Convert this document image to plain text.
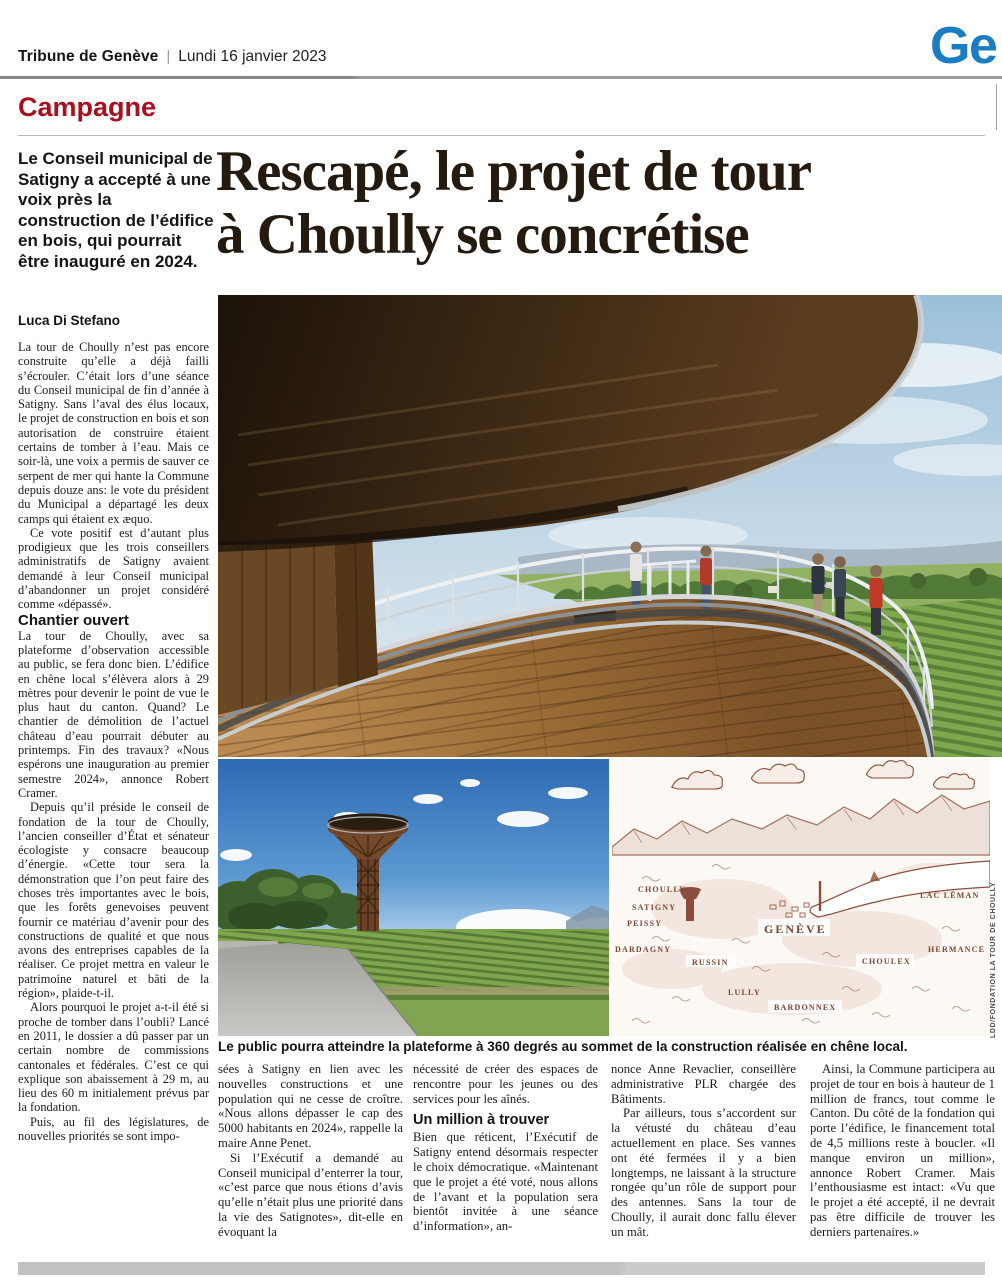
Tribune de Genève | Lundi 16 janvier 2023	Ge
Campagne
Le Conseil municipal de Satigny a accepté à une voix près la construction de l’édifice en bois, qui pourrait être inauguré en 2024.
Luca Di Stefano
Rescapé, le projet de tour
à Choully se concrétise

La tour de Choully n’est pas encore construite qu’elle a déjà failli s’écrouler. C’était lors d’une séance du Conseil municipal de fin d’année à Satigny. Sans l’aval des élus locaux, le projet de construction en bois et son autorisation de construire étaient certains de tomber à l’eau. Mais ce soir-là, une voix a permis de sauver ce serpent de mer qui hante la Commune depuis douze ans: le vote du président du Municipal a départagé les deux camps qui étaient ex æquo.

Ce vote positif est d’autant plus prodigieux que les trois conseillers administratifs de Satigny avaient demandé à leur Conseil municipal d’abandonner un projet considéré comme «dépassé».

Chantier ouvert

La tour de Choully, avec sa plateforme d’observation accessible au public, se fera donc bien. L’édifice en chêne local s’élèvera alors à 29 mètres pour devenir le point de vue le plus haut du canton. Quand? Le chantier de démolition de l’actuel château d’eau pourrait débuter au printemps. Fin des travaux? «Nous espérons une inauguration au premier semestre 2024», annonce Robert Cramer.

Depuis qu’il préside le conseil de fondation de la tour de Choully, l’ancien conseiller d’État et sénateur écologiste y consacre beaucoup d’énergie. «Cette tour sera la démonstration que l’on peut faire des choses très importantes avec le bois, que les forêts genevoises peuvent fournir ce matériau d’avenir pour des constructions de qualité et que nous avons des entreprises capables de la réaliser. Ce projet mettra en valeur le patrimoine naturel et bâti de la région», plaide-t-il.

Alors pourquoi le projet a-t-il été si proche de tomber dans l’oubli? Lancé en 2011, le dossier a dû passer par un certain nombre de commissions cantonales et fédérales. C’est ce qui explique son abaissement à 29 m, au lieu des 60 m initialement prévus par la fondation.

Puis, au fil des législatures, de nouvelles priorités se sont impo-

CHOULLY
SATIGNY
PEISSY
DARDAGNY
RUSSIN
GENÈVE
CHOULEX
HERMANCE
LAC LÉMAN
LULLY
BARDONNEX	LDD/FONDATION LA TOUR DE CHOULLY
Le public pourra atteindre la plateforme à 360 degrés au sommet de la construction réalisée en chêne local.

sées à Satigny en lien avec les nouvelles constructions et une population qui ne cesse de croître. «Nous allons dépasser le cap des 5000 habitants en 2024», rappelle la maire Anne Penet.

Si l’Exécutif a demandé au Conseil municipal d’enterrer la tour, «c’est parce que nous étions d’avis qu’elle n’était plus une priorité dans la vie des Satignotes», dit-elle en évoquant la

nécessité de créer des espaces de rencontre pour les jeunes ou des services pour les aînés.

Un million à trouver

Bien que réticent, l’Exécutif de Satigny entend désormais respecter le choix démocratique. «Maintenant que le projet a été voté, nous allons de l’avant et la population sera bientôt invitée à une séance d’information», an-

nonce Anne Revaclier, conseillère administrative PLR chargée des Bâtiments.

Par ailleurs, tous s’accordent sur la vétusté du château d’eau actuellement en place. Ses vannes ont été fermées il y a bien longtemps, ne laissant à la structure rongée qu’un rôle de support pour des antennes. Sans la tour de Choully, il aurait donc fallu élever un mât.

Ainsi, la Commune participera au projet de tour en bois à hauteur de 1 million de francs, tout comme le Canton. Du côté de la fondation qui porte l’édifice, le financement total de 4,5 millions reste à boucler. «Il manque environ un million», annonce Robert Cramer. Mais l’enthousiasme est intact: «Vu que le projet a été accepté, il ne devrait pas être difficile de trouver les derniers partenaires.»
